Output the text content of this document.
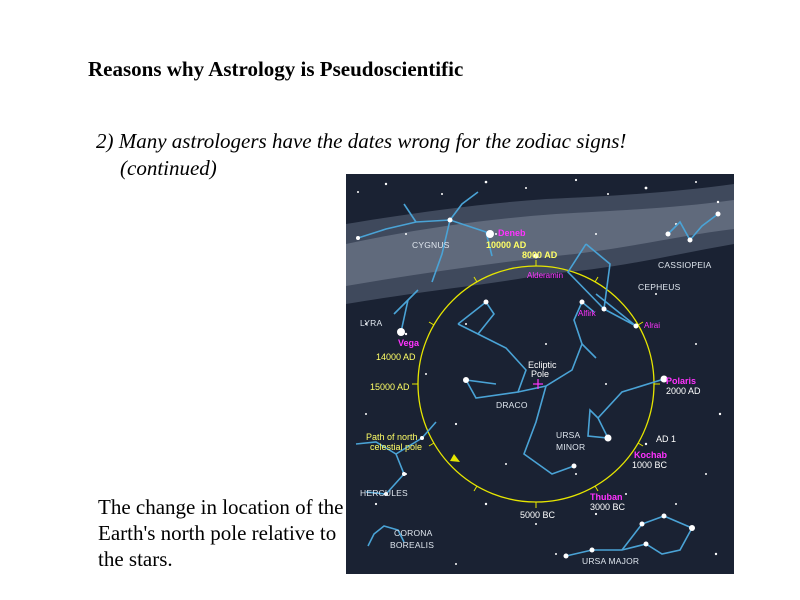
Reasons why Astrology is Pseudoscientific

2) Many astrologers have the dates wrong for the zodiac signs!
(continued)

The change in location of the Earth's north pole relative to the stars.

CYGNUS
CASSIOPEIA
CEPHEUS
LYRA
DRACO
URSA
MINOR
HERCULES
CORONA
BOREALIS
URSA MAJOR
Deneb
Alderamin
Alfirk
Alrai
Vega
Polaris
Kochab
Thuban
10000 AD
8000 AD
14000 AD
15000 AD	2000 AD
AD 1
1000 BC
3000 BC
5000 BC
Ecliptic
Pole
Path of north
celestial pole
